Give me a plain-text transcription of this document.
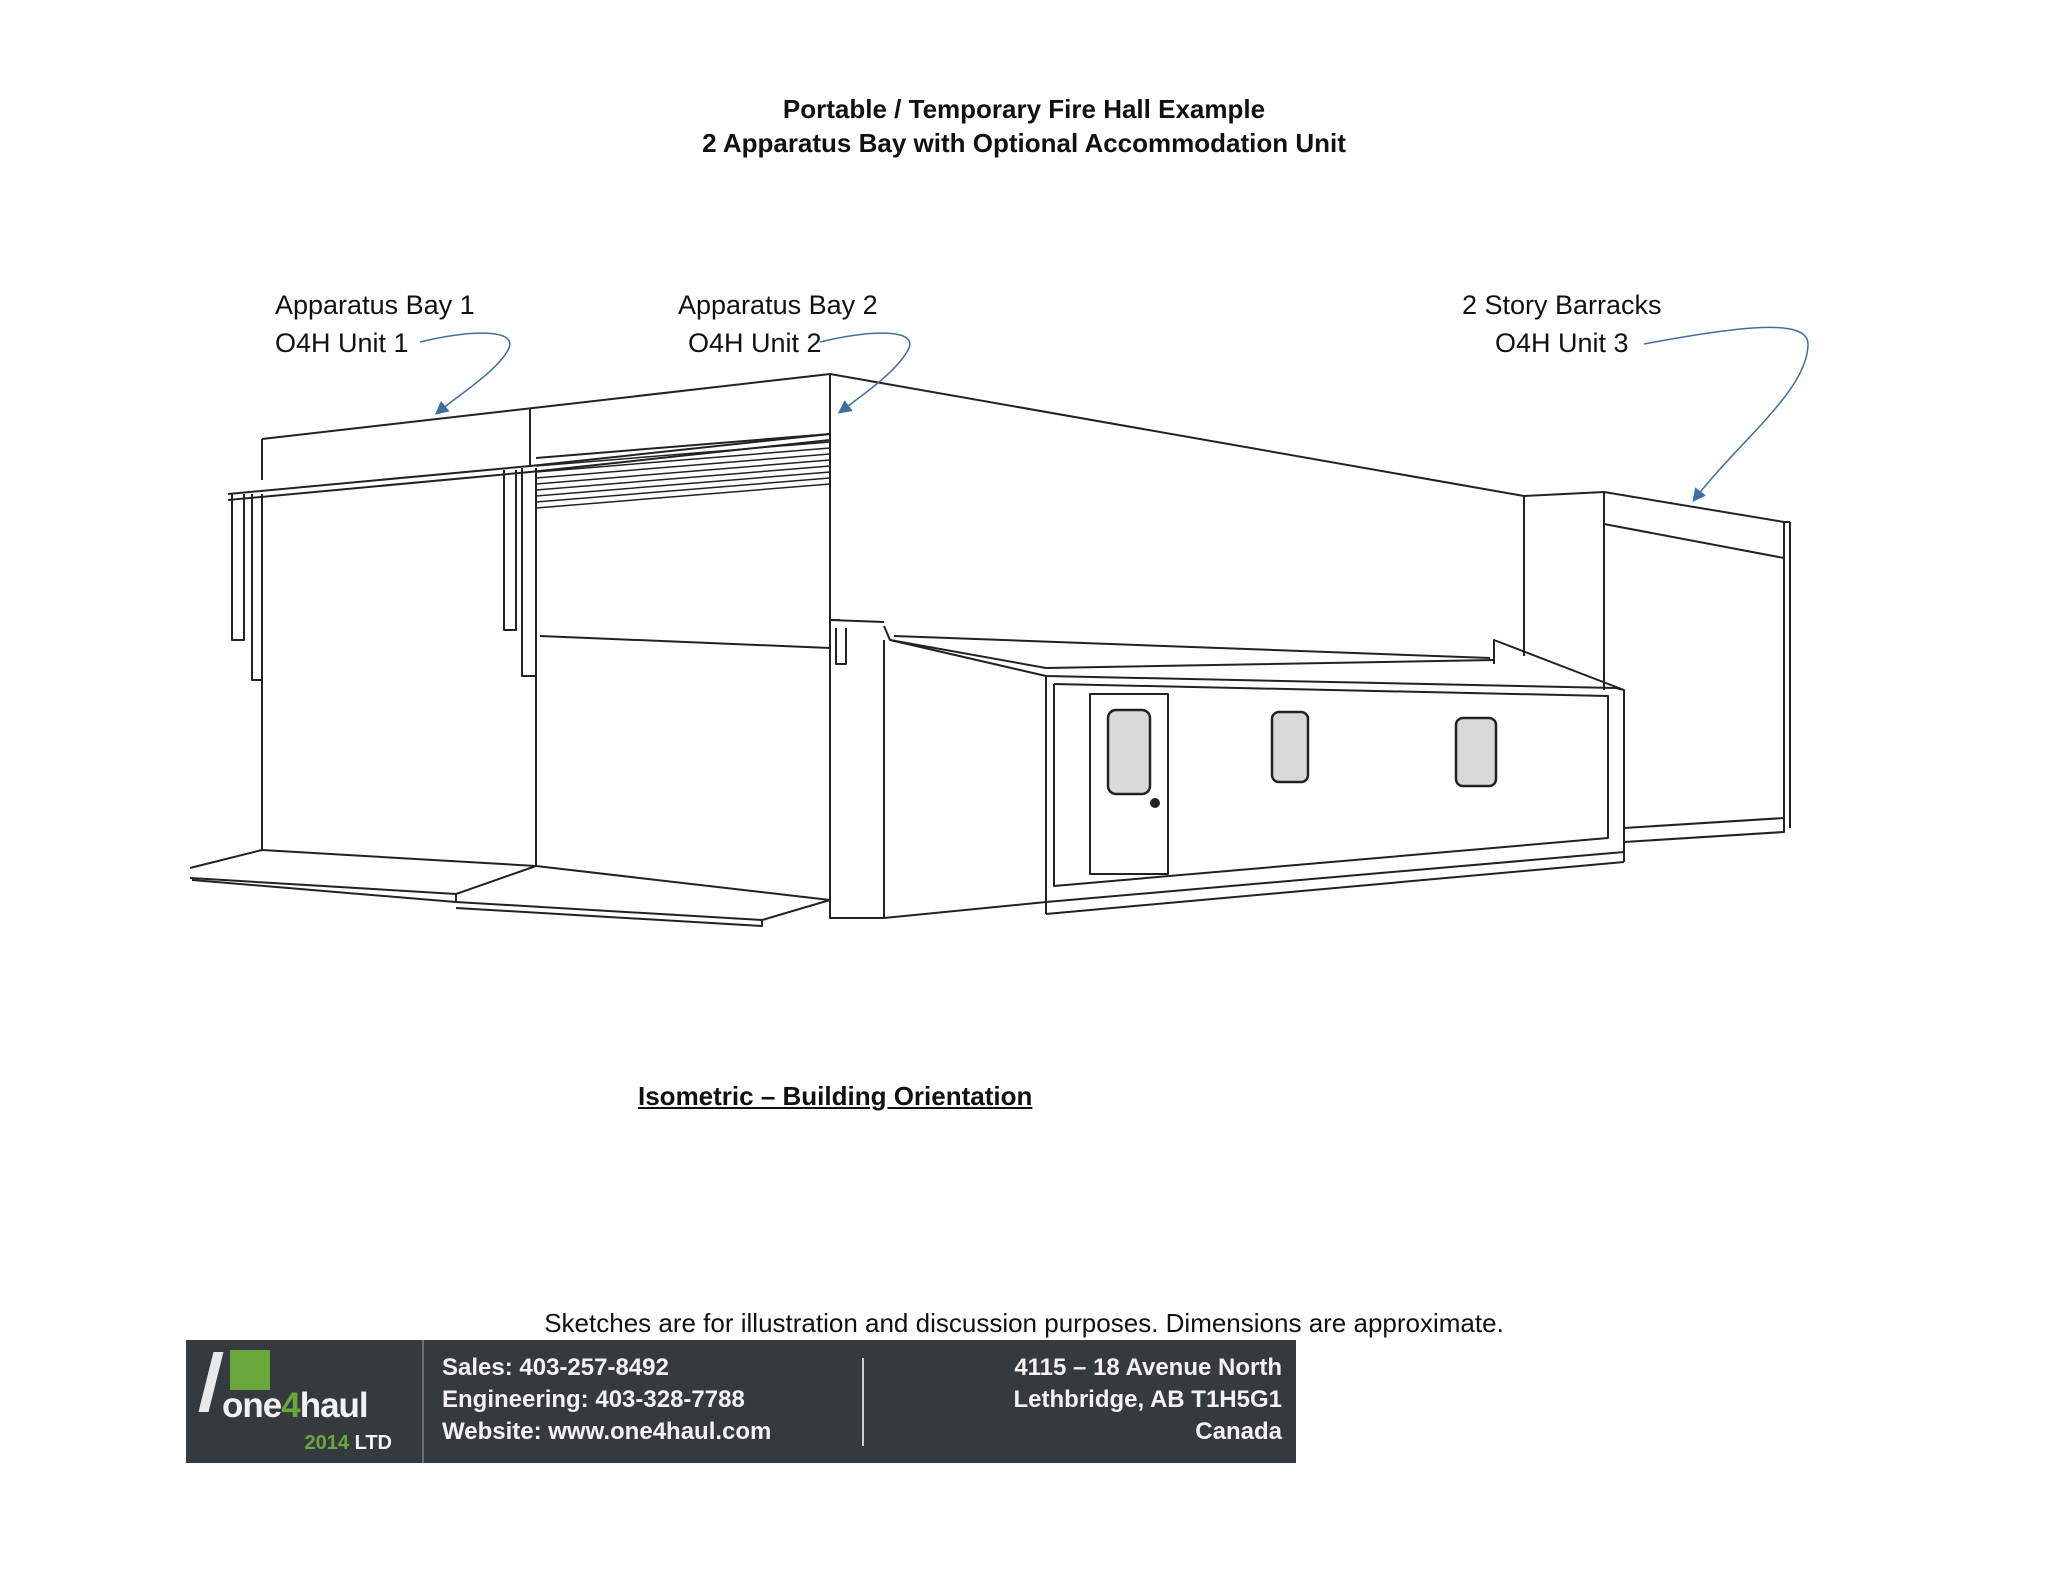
Portable / Temporary Fire Hall Example
2 Apparatus Bay with Optional Accommodation Unit
Apparatus Bay 1
O4H Unit 1
Apparatus Bay 2
O4H Unit 2
2 Story Barracks
O4H Unit 3
Isometric – Building Orientation
Sketches are for illustration and discussion purposes. Dimensions are approximate.
one4haul
2014 LTD
Sales: 403-257-8492
Engineering: 403-328-7788
Website: www.one4haul.com
4115 – 18 Avenue North
Lethbridge, AB T1H5G1
Canada
